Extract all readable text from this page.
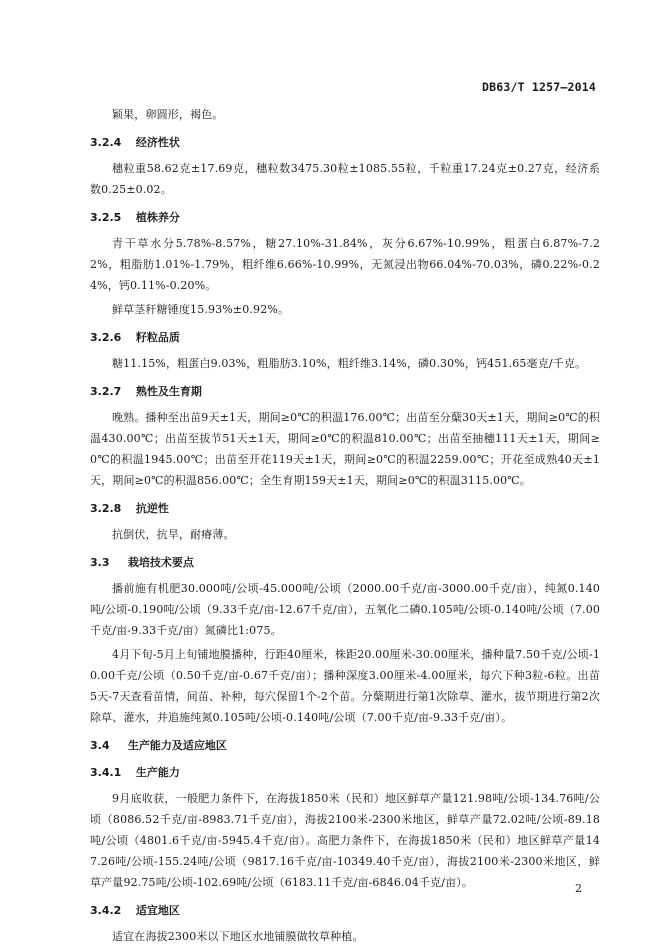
DB63/T 1257—2014

颖果，卵圆形，褐色。

3.2.4 经济性状

穗粒重58.62克±17.69克，穗粒数3475.30粒±1085.55粒，千粒重17.24克±0.27克，经济系数0.25±0.02。

3.2.5 植株养分

青干草水分5.78%-8.57%，糖27.10%-31.84%，灰分6.67%-10.99%，粗蛋白6.87%-7.22%，粗脂肪1.01%-1.79%，粗纤维6.66%-10.99%，无氮浸出物66.04%-70.03%，磷0.22%-0.24%，钙0.11%-0.20%。

鲜草茎秆糖锤度15.93%±0.92%。

3.2.6 籽粒品质

糖11.15%，粗蛋白9.03%，粗脂肪3.10%，粗纤维3.14%，磷0.30%，钙451.65毫克/千克。

3.2.7 熟性及生育期

晚熟。播种至出苗9天±1天，期间≥0℃的积温176.00℃；出苗至分蘖30天±1天，期间≥0℃的积温430.00℃；出苗至拔节51天±1天，期间≥0℃的积温810.00℃；出苗至抽穗111天±1天，期间≥0℃的积温1945.00℃；出苗至开花119天±1天，期间≥0℃的积温2259.00℃；开花至成熟40天±1天，期间≥0℃的积温856.00℃；全生育期159天±1天，期间≥0℃的积温3115.00℃。

3.2.8 抗逆性

抗倒伏，抗旱，耐瘠薄。

3.3 栽培技术要点

播前施有机肥30.000吨/公顷-45.000吨/公顷（2000.00千克/亩-3000.00千克/亩），纯氮0.140吨/公顷-0.190吨/公顷（9.33千克/亩-12.67千克/亩），五氧化二磷0.105吨/公顷-0.140吨/公顷（7.00千克/亩-9.33千克/亩）氮磷比1:075。

4月下旬-5月上旬铺地膜播种，行距40厘米，株距20.00厘米-30.00厘米，播种量7.50千克/公顷-10.00千克/公顷（0.50千克/亩-0.67千克/亩）；播种深度3.00厘米-4.00厘米，每穴下种3粒-6粒。出苗5天-7天查看苗情，间苗、补种，每穴保留1个-2个苗。分蘖期进行第1次除草、灌水，拔节期进行第2次除草、灌水，并追施纯氮0.105吨/公顷-0.140吨/公顷（7.00千克/亩-9.33千克/亩）。

3.4 生产能力及适应地区
3.4.1 生产能力

9月底收获，一般肥力条件下，在海拔1850米（民和）地区鲜草产量121.98吨/公顷-134.76吨/公顷（8086.52千克/亩-8983.71千克/亩），海拔2100米-2300米地区，鲜草产量72.02吨/公顷-89.18吨/公顷（4801.6千克/亩-5945.4千克/亩）。高肥力条件下，在海拔1850米（民和）地区鲜草产量147.26吨/公顷-155.24吨/公顷（9817.16千克/亩-10349.40千克/亩），海拔2100米-2300米地区，鲜草产量92.75吨/公顷-102.69吨/公顷（6183.11千克/亩-6846.04千克/亩）。

3.4.2 适宜地区

适宜在海拔2300米以下地区水地铺膜做牧草种植。

2
